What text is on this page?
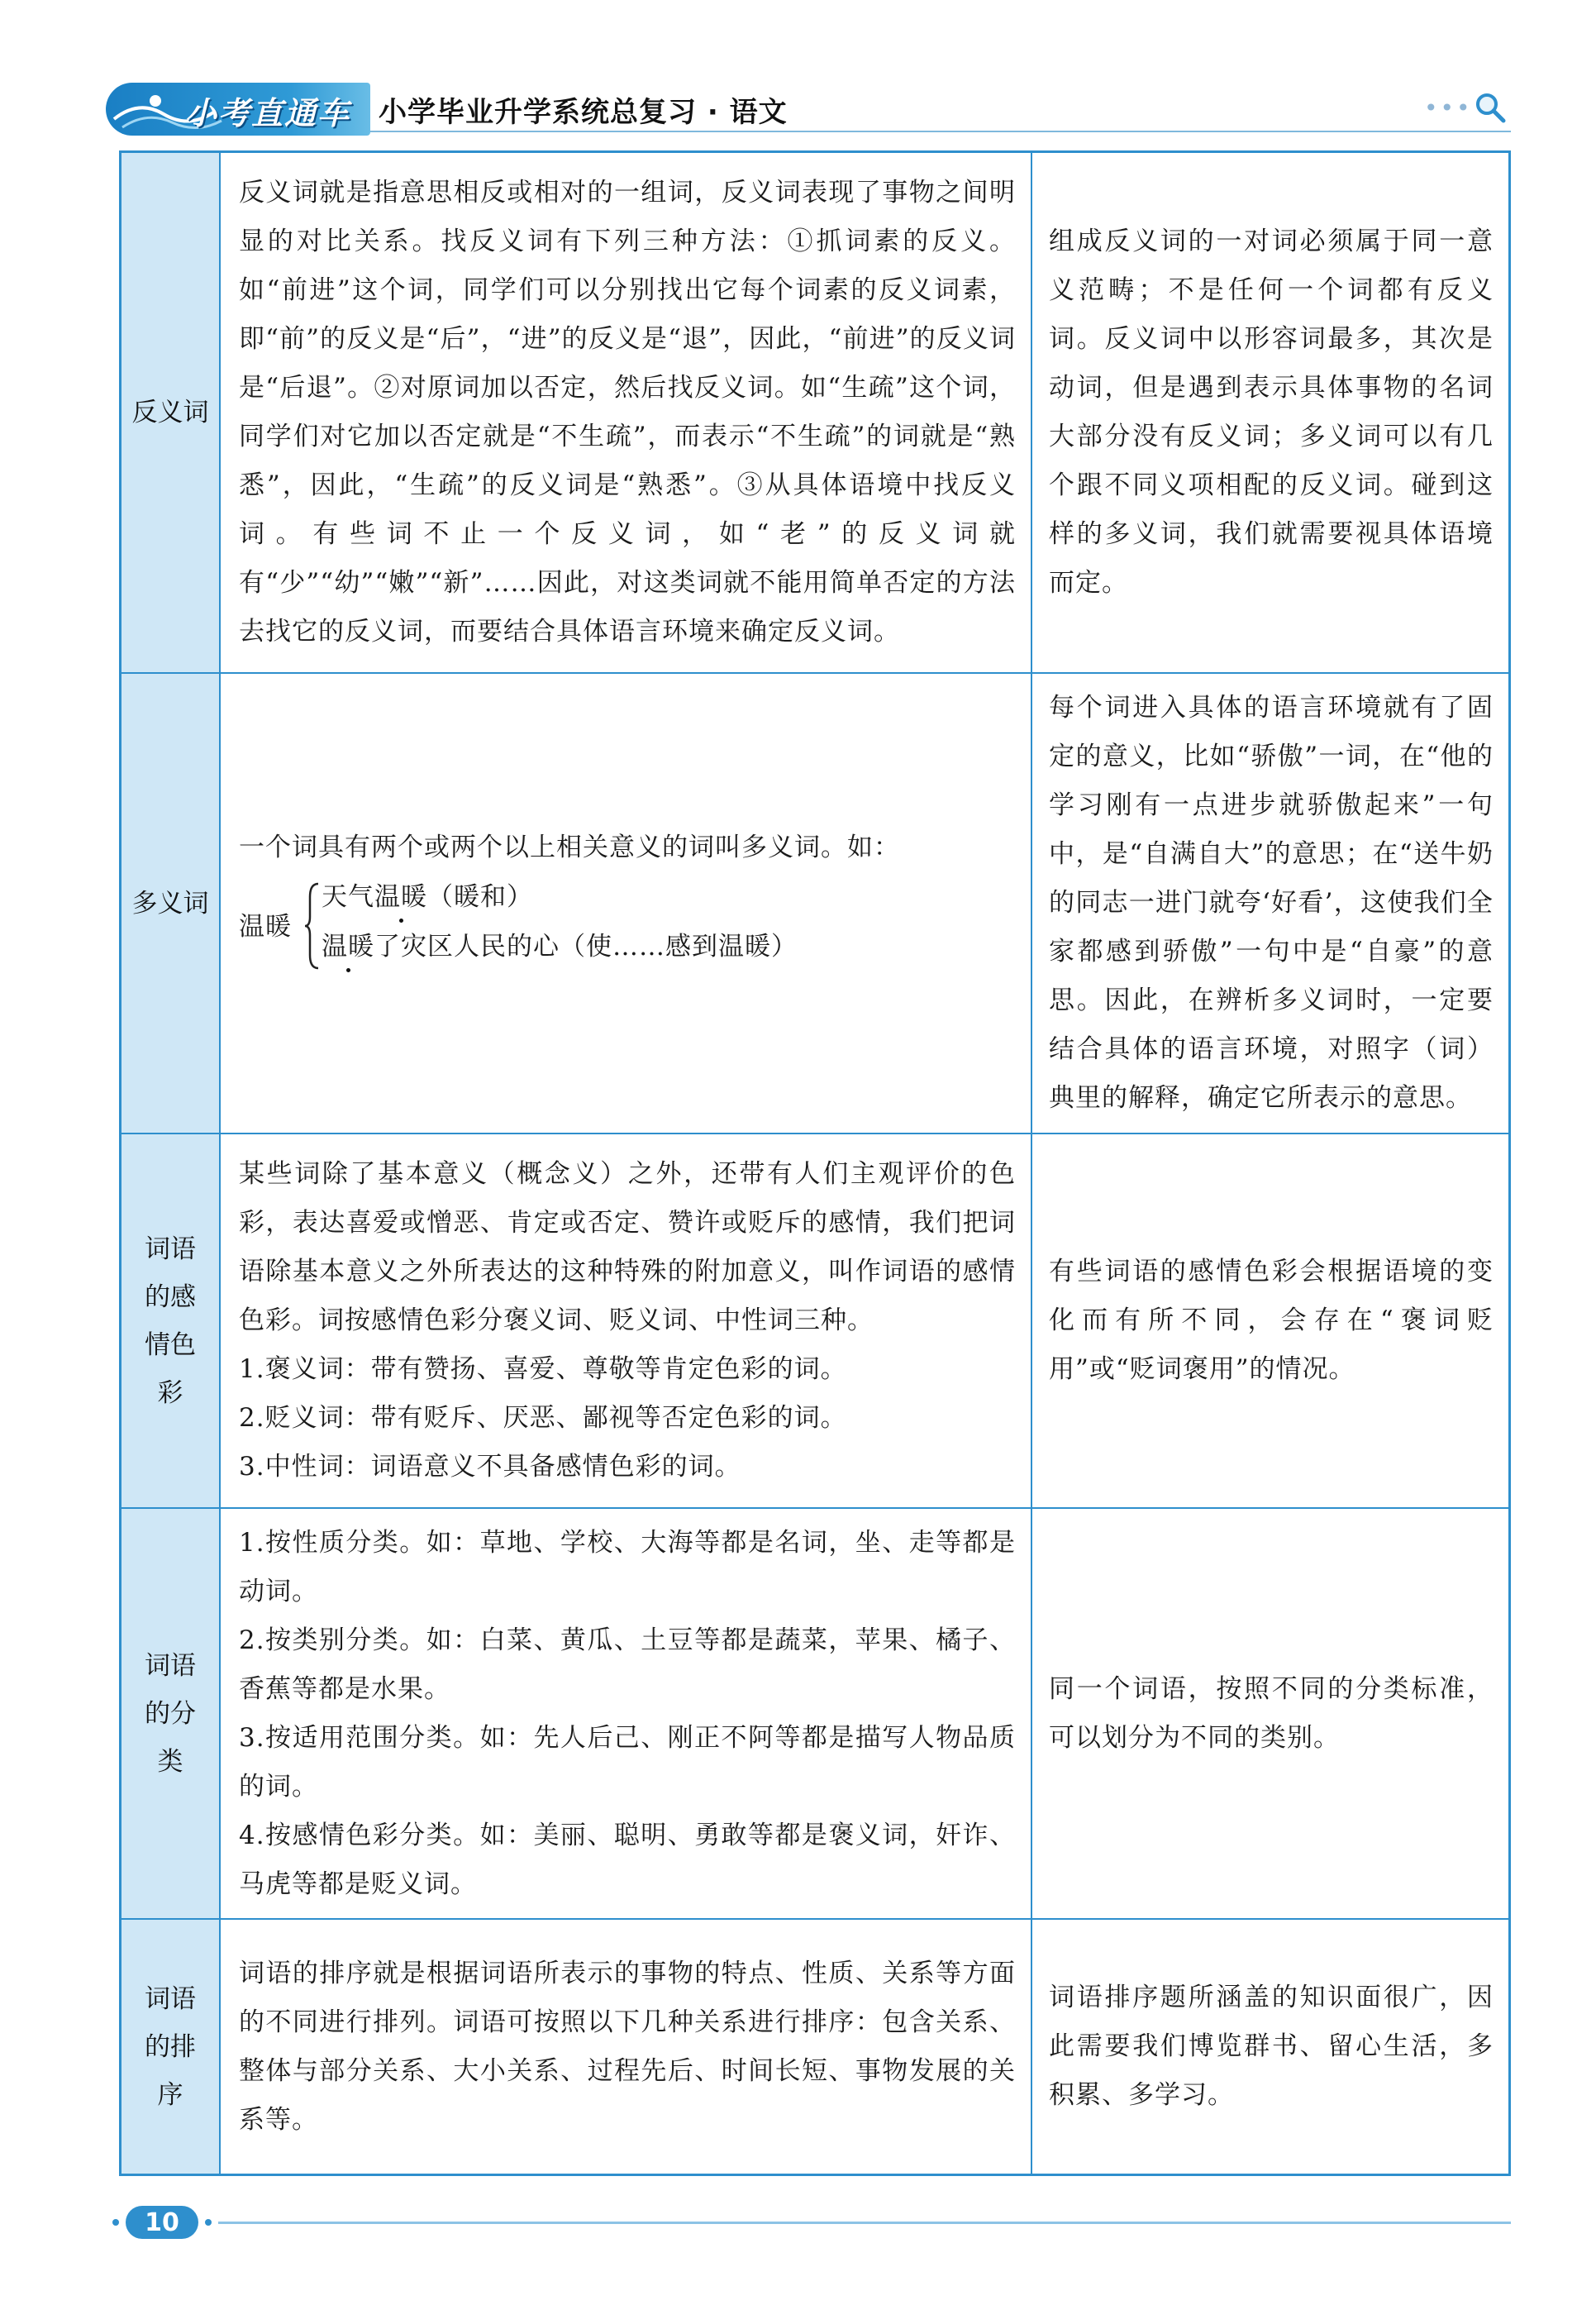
小考直通车 小学毕业升学系统总复习 · 语文	•••
反义词

反义词就是指意思相反或相对的一组词，反义词表现了事物之间明显的对比关系。找反义词有下列三种方法：①抓词素的反义。如“前进”这个词，同学们可以分别找出它每个词素的反义词素，即“前”的反义是“后”，“进”的反义是“退”，因此，“前进”的反义词是“后退”。②对原词加以否定，然后找反义词。如“生疏”这个词，同学们对它加以否定就是“不生疏”，而表示“不生疏”的词就是“熟悉”，因此，“生疏”的反义词是“熟悉”。③从具体语境中找反义词。有些词不止一个反义词，如“老”的反义词就有“少”“幼”“嫩”“新”……因此，对这类词就不能用简单否定的方法去找它的反义词，而要结合具体语言环境来确定反义词。

组成反义词的一对词必须属于同一意义范畴；不是任何一个词都有反义词。反义词中以形容词最多，其次是动词，但是遇到表示具体事物的名词大部分没有反义词；多义词可以有几个跟不同义项相配的反义词。碰到这样的多义词，我们就需要视具体语境而定。

多义词

一个词具有两个或两个以上相关意义的词叫多义词。如：

温暖
天气温暖（暖和）
温暖了灾区人民的心（使……感到温暖）

每个词进入具体的语言环境就有了固定的意义，比如“骄傲”一词，在“他的学习刚有一点进步就骄傲起来”一句中，是“自满自大”的意思；在“送牛奶的同志一进门就夸‘好看’，这使我们全家都感到骄傲”一句中是“自豪”的意思。因此，在辨析多义词时，一定要结合具体的语言环境，对照字（词）典里的解释，确定它所表示的意思。

词语的感情色彩

某些词除了基本意义（概念义）之外，还带有人们主观评价的色彩，表达喜爱或憎恶、肯定或否定、赞许或贬斥的感情，我们把词语除基本意义之外所表达的这种特殊的附加意义，叫作词语的感情色彩。词按感情色彩分褒义词、贬义词、中性词三种。

1.褒义词：带有赞扬、喜爱、尊敬等肯定色彩的词。

2.贬义词：带有贬斥、厌恶、鄙视等否定色彩的词。

3.中性词：词语意义不具备感情色彩的词。

有些词语的感情色彩会根据语境的变化而有所不同，会存在“褒词贬用”或“贬词褒用”的情况。

词语的分类

1.按性质分类。如：草地、学校、大海等都是名词，坐、走等都是动词。

2.按类别分类。如：白菜、黄瓜、土豆等都是蔬菜，苹果、橘子、香蕉等都是水果。

3.按适用范围分类。如：先人后己、刚正不阿等都是描写人物品质的词。

4.按感情色彩分类。如：美丽、聪明、勇敢等都是褒义词，奸诈、马虎等都是贬义词。

同一个词语，按照不同的分类标准，可以划分为不同的类别。

词语的排序

词语的排序就是根据词语所表示的事物的特点、性质、关系等方面的不同进行排列。词语可按照以下几种关系进行排序：包含关系、整体与部分关系、大小关系、过程先后、时间长短、事物发展的关系等。

词语排序题所涵盖的知识面很广，因此需要我们博览群书、留心生活，多积累、多学习。

10
